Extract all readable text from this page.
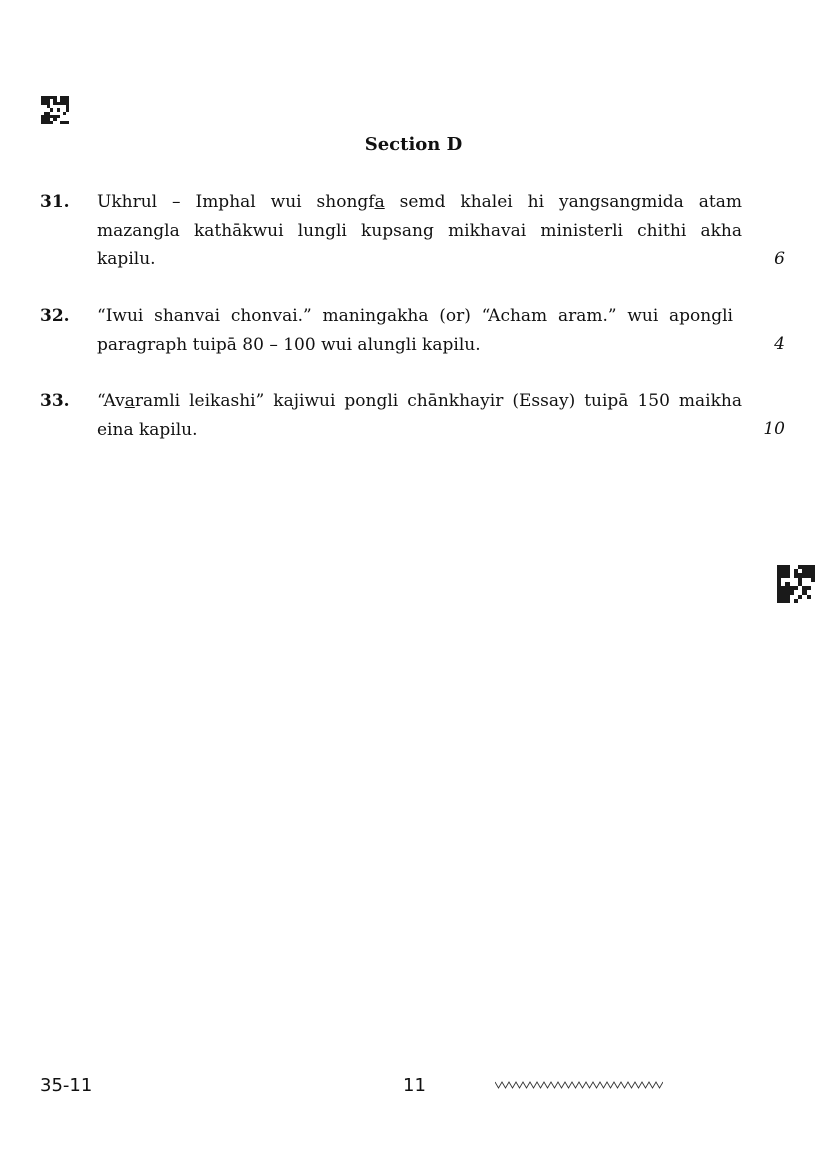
Section D
31. Ukhrul – Imphal wui shongfa semd khalei hi yangsangmida atam
mazangla kathākwui lungli kupsang mikhavai ministerli chithi akha
kapilu.	6
32. “Iwui shanvai chonvai.” maningakha (or) “Acham aram.” wui apongli
paragraph tuipā 80 – 100 wui alungli kapilu.	4
33. “Avaramli leikashi” kajiwui pongli chānkhayir (Essay) tuipā 150 maikha
eina kapilu.	10
35-11	11
